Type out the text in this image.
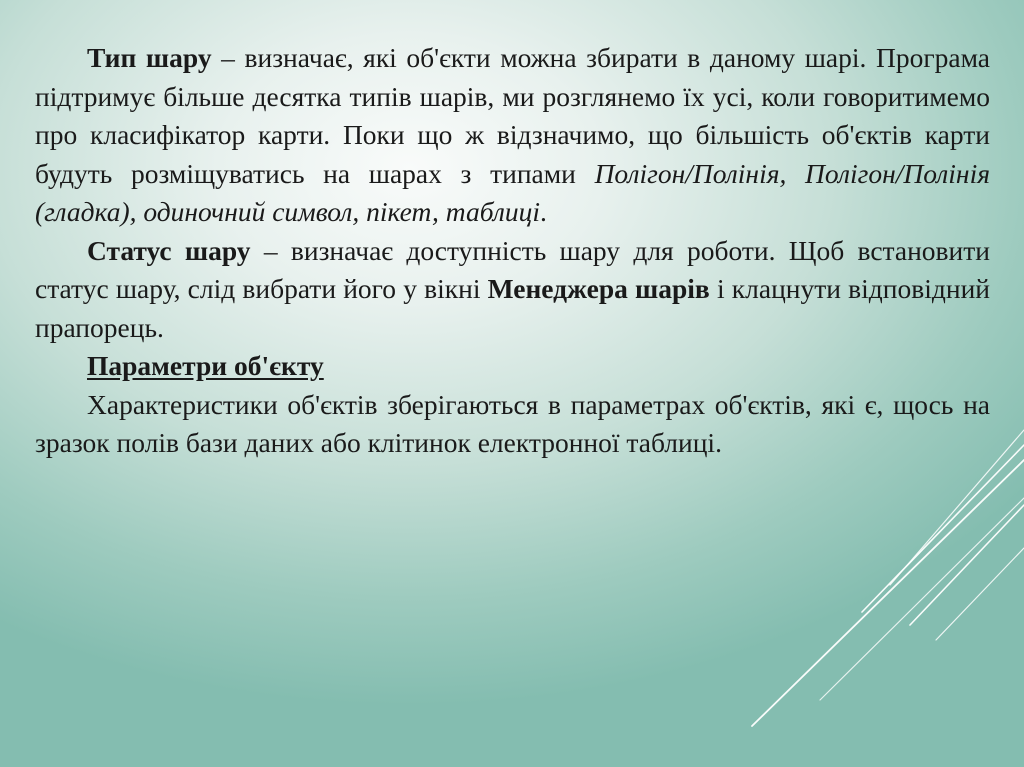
Тип шару – визначає, які об'єкти можна збирати в даному шарі. Програма підтримує більше десятка типів шарів, ми розглянемо їх усі, коли говоритимемо про класифікатор карти. Поки що ж відзначимо, що більшість об'єктів карти будуть розміщуватись на шарах з типами Полігон/Полінія, Полігон/Полінія (гладка), одиночний символ, пікет, таблиці.

Статус шару – визначає доступність шару для роботи. Щоб встановити статус шару, слід вибрати його у вікні Менеджера шарів і клацнути відповідний прапорець.

Параметри об'єкту

Характеристики об'єктів зберігаються в параметрах об'єктів, які є, щось на зразок полів бази даних або клітинок електронної таблиці.
